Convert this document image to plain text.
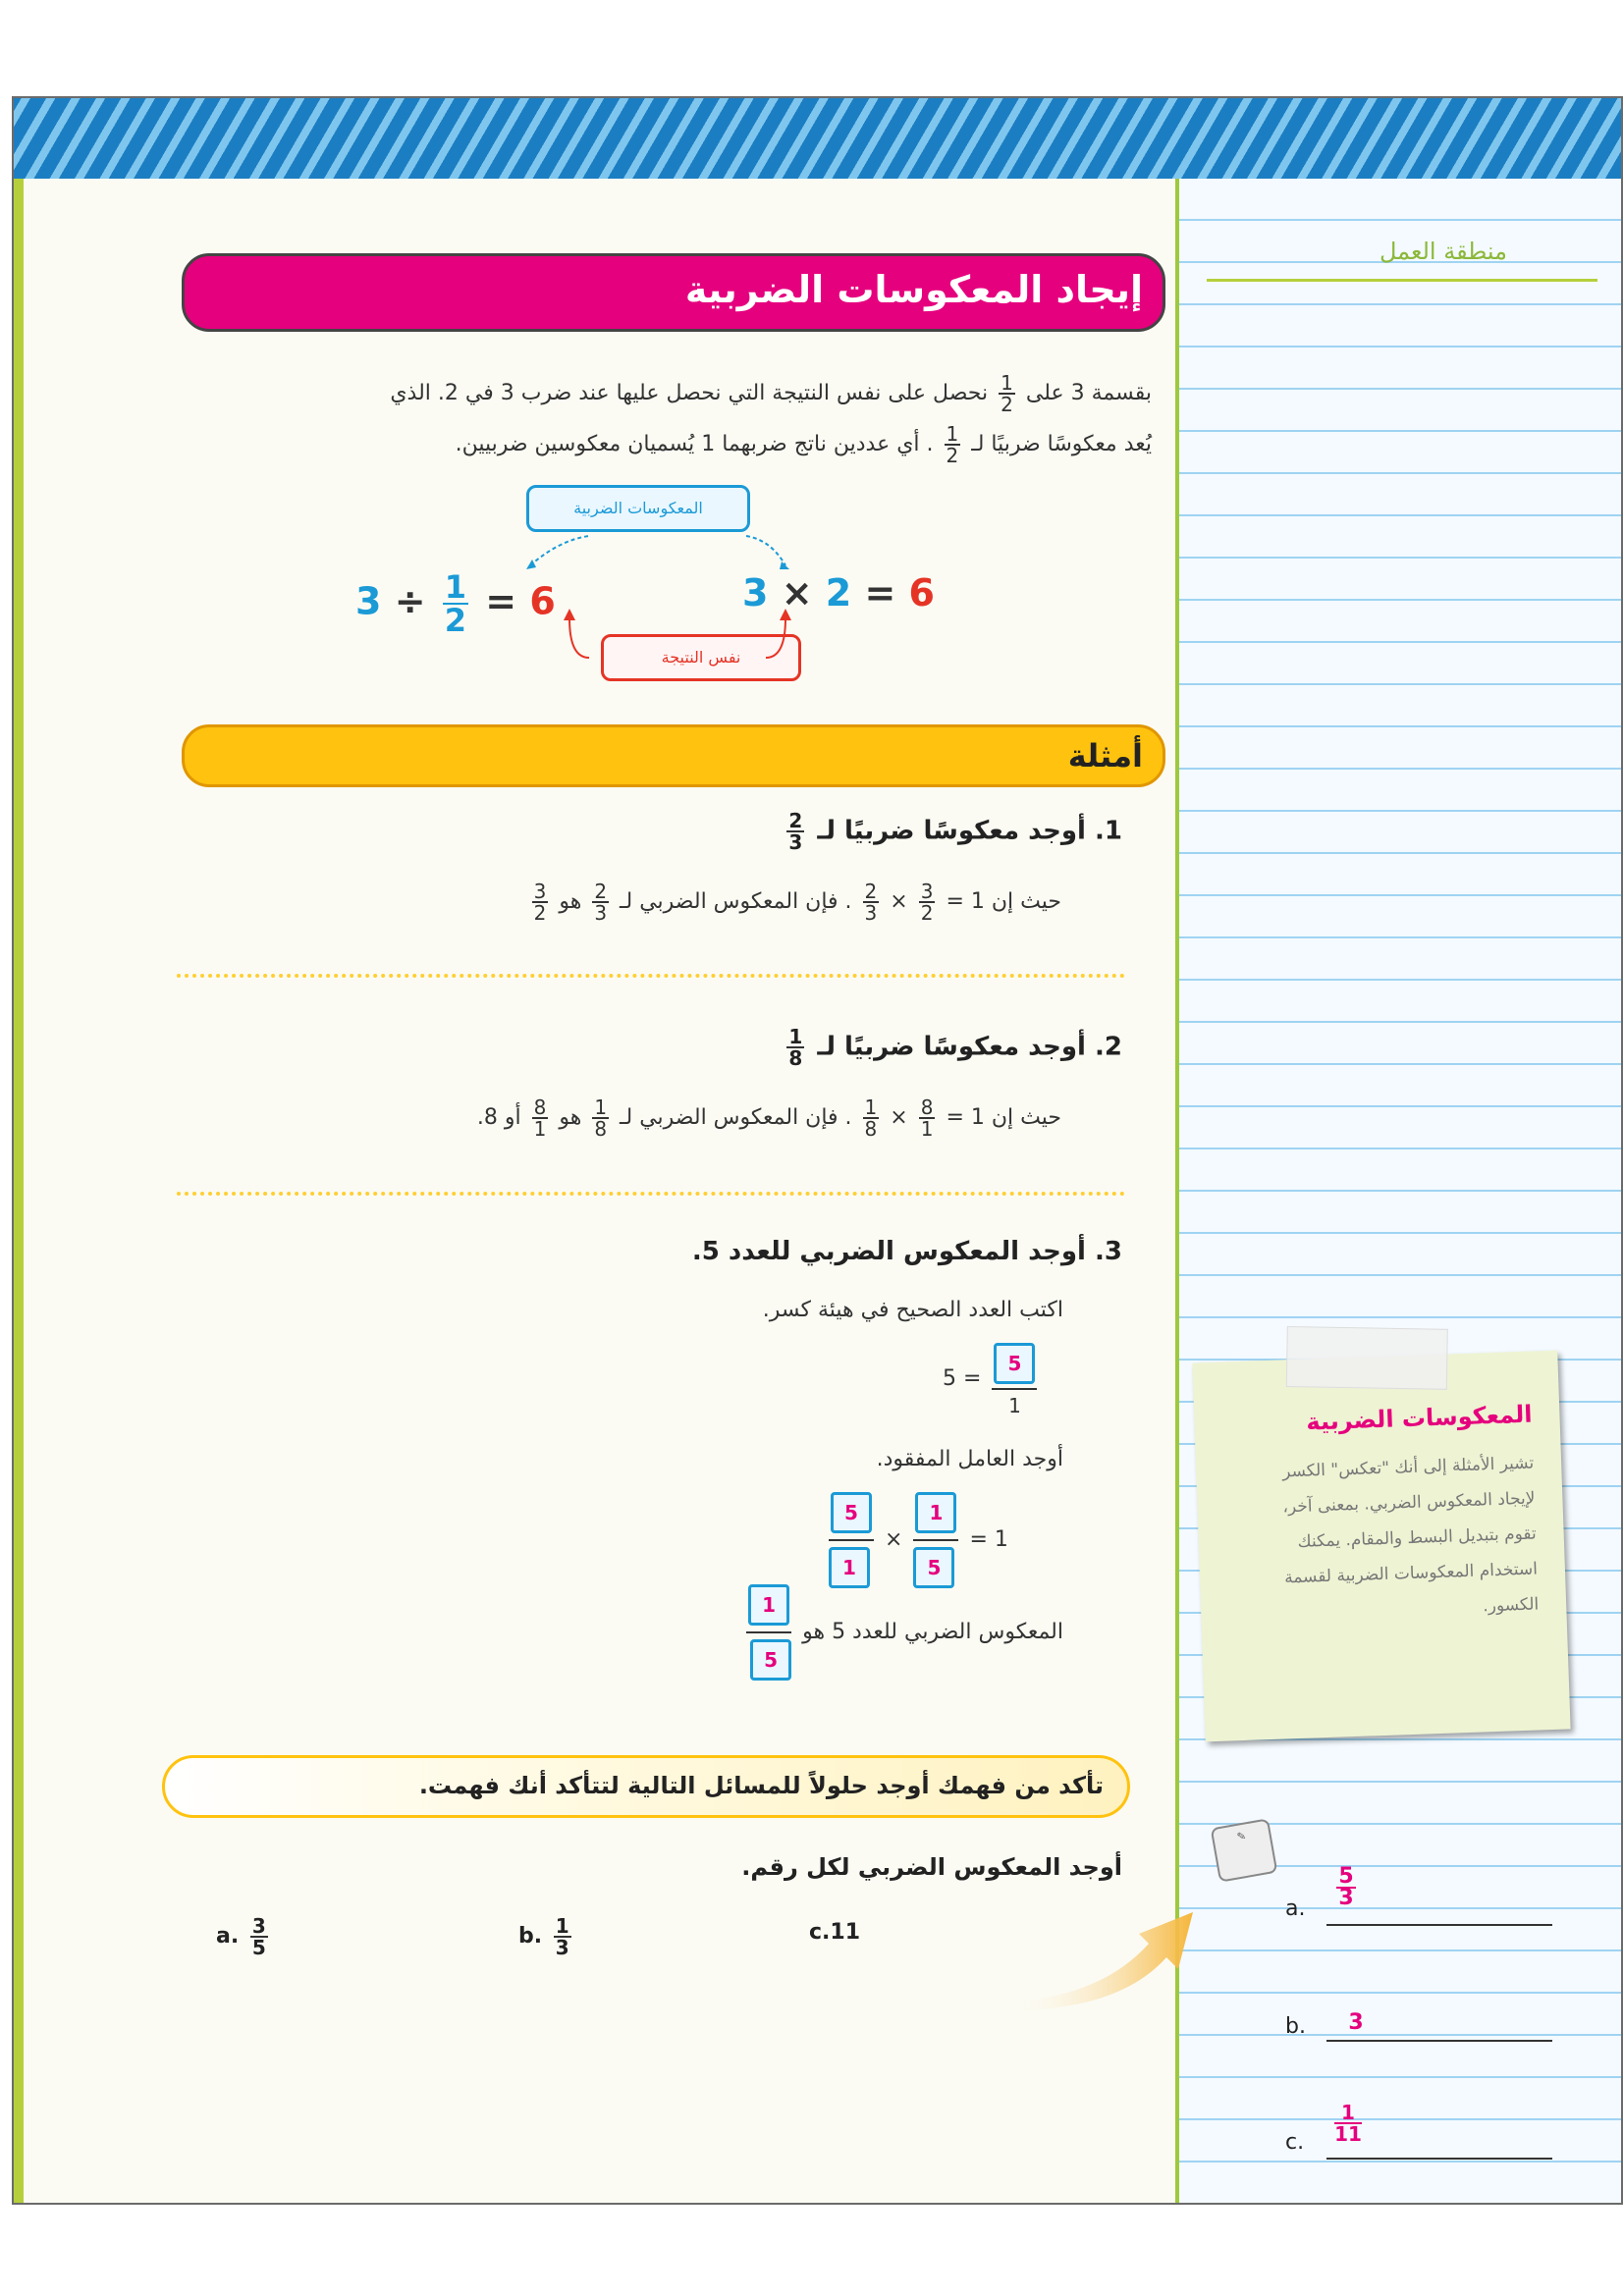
منطقة العمل
المعكوسات الضربية
تشير الأمثلة إلى أنك "تعكس" الكسر لإيجاد المعكوس الضربي. بمعنى آخر، تقوم بتبديل البسط والمقام. يمكنك استخدام المعكوسات الضربية لقسمة الكسور.
✎
a.
$\frac{5}{3}$
b.	3
c. $\frac{1}{11}$
إيجاد المعكوسات الضربية
بقسمة 3 على
$\frac{1}{2}$
نحصل على نفس النتيجة التي نحصل عليها عند ضرب 3 في 2. الذي
يُعد معكوسًا ضربيًا لـ
$\frac{1}{2}$
. أي عددين ناتج ضربهما 1 يُسميان معكوسين ضربيين.
المعكوسات الضربية
نفس النتيجة
$3 \div \frac{1}{2} = 6$	3 × 2 = 6
أمثلة
1. أوجد معكوسًا ضربيًا لـ
$\frac{2}{3}$
حيث إن 1 =
$\frac{3}{2}$
×
$\frac{2}{3}$
. فإن المعكوس الضربي لـ
$\frac{2}{3}$
هو
$\frac{3}{2}$
2. أوجد معكوسًا ضربيًا لـ
$\frac{1}{8}$
حيث إن 1 =
$\frac{8}{1}$
×
$\frac{1}{8}$
. فإن المعكوس الضربي لـ
$\frac{1}{8}$
هو
$\frac{8}{1}$
أو 8.
3. أوجد المعكوس الضربي للعدد 5.
اكتب العدد الصحيح في هيئة كسر.
$5 = \frac{5}{1}$
أوجد العامل المفقود.
$\frac{5}{1} \times \frac{1}{5} = 1$
المعكوس الضربي للعدد 5 هو
$\frac{1}{5}$
تأكد من فهمك أوجد حلولاً للمسائل التالية لتتأكد أنك فهمت.
أوجد المعكوس الضربي لكل رقم.
a. $\frac{3}{5}$	b. $\frac{1}{3}$	c.11
